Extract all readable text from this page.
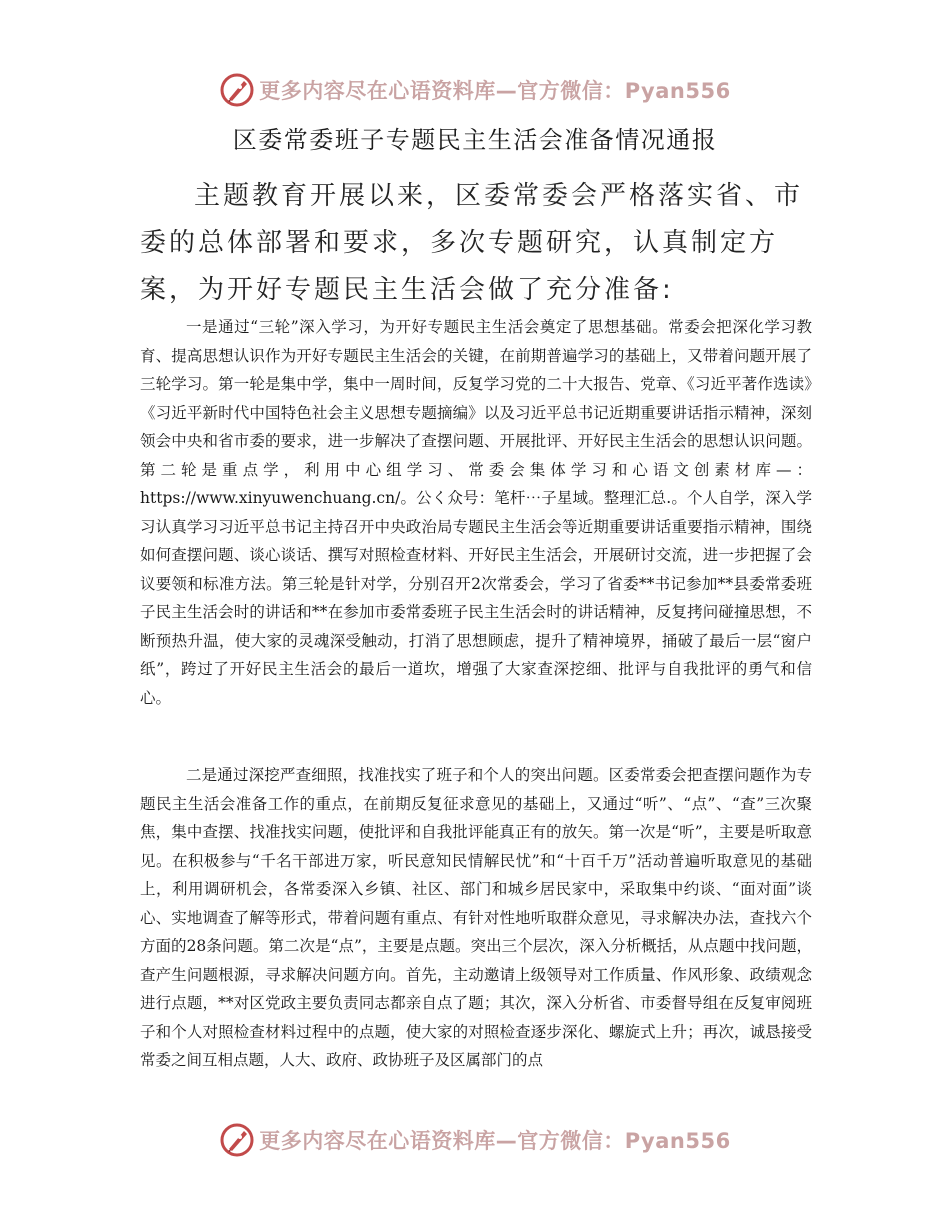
更多内容尽在心语资料库—官方微信：Pyan556
区委常委班子专题民主生活会准备情况通报

主题教育开展以来，区委常委会严格落实省、市委的总体部署和要求，多次专题研究，认真制定方案，为开好专题民主生活会做了充分准备:

一是通过“三轮”深入学习，为开好专题民主生活会奠定了思想基础。常委会把深化学习教育、提高思想认识作为开好专题民主生活会的关键，在前期普遍学习的基础上，又带着问题开展了三轮学习。第一轮是集中学，集中一周时间，反复学习党的二十大报告、党章、《习近平著作选读》《习近平新时代中国特色社会主义思想专题摘编》以及习近平总书记近期重要讲话指示精神，深刻领会中央和省市委的要求，进一步解决了查摆问题、开展批评、开好民主生活会的思想认识问题。第二轮是重点学，利用中心组学习、常委会集体学习和心语文创素材库—：https://www.xinyuwenchuang.cn/。公く众号：笔杆⋯子星域。整理汇总.。个人自学，深入学习认真学习习近平总书记主持召开中央政治局专题民主生活会等近期重要讲话重要指示精神，围绕如何查摆问题、谈心谈话、撰写对照检查材料、开好民主生活会，开展研讨交流，进一步把握了会议要领和标准方法。第三轮是针对学，分别召开2次常委会，学习了省委**书记参加**县委常委班子民主生活会时的讲话和**在参加市委常委班子民主生活会时的讲话精神，反复拷问碰撞思想，不断预热升温，使大家的灵魂深受触动，打消了思想顾虑，提升了精神境界，捅破了最后一层“窗户纸”，跨过了开好民主生活会的最后一道坎，增强了大家查深挖细、批评与自我批评的勇气和信心。

二是通过深挖严查细照，找准找实了班子和个人的突出问题。区委常委会把查摆问题作为专题民主生活会准备工作的重点，在前期反复征求意见的基础上，又通过“听”、“点”、“查”三次聚焦，集中查摆、找准找实问题，使批评和自我批评能真正有的放矢。第一次是“听”，主要是听取意见。在积极参与“千名干部进万家，听民意知民情解民忧”和“十百千万”活动普遍听取意见的基础上，利用调研机会，各常委深入乡镇、社区、部门和城乡居民家中，采取集中约谈、“面对面”谈心、实地调查了解等形式，带着问题有重点、有针对性地听取群众意见，寻求解决办法，查找六个方面的28条问题。第二次是“点”，主要是点题。突出三个层次，深入分析概括，从点题中找问题，查产生问题根源，寻求解决问题方向。首先，主动邀请上级领导对工作质量、作风形象、政绩观念进行点题，**对区党政主要负责同志都亲自点了题；其次，深入分析省、市委督导组在反复审阅班子和个人对照检查材料过程中的点题，使大家的对照检查逐步深化、螺旋式上升；再次，诚恳接受常委之间互相点题，人大、政府、政协班子及区属部门的点

更多内容尽在心语资料库—官方微信：Pyan556
